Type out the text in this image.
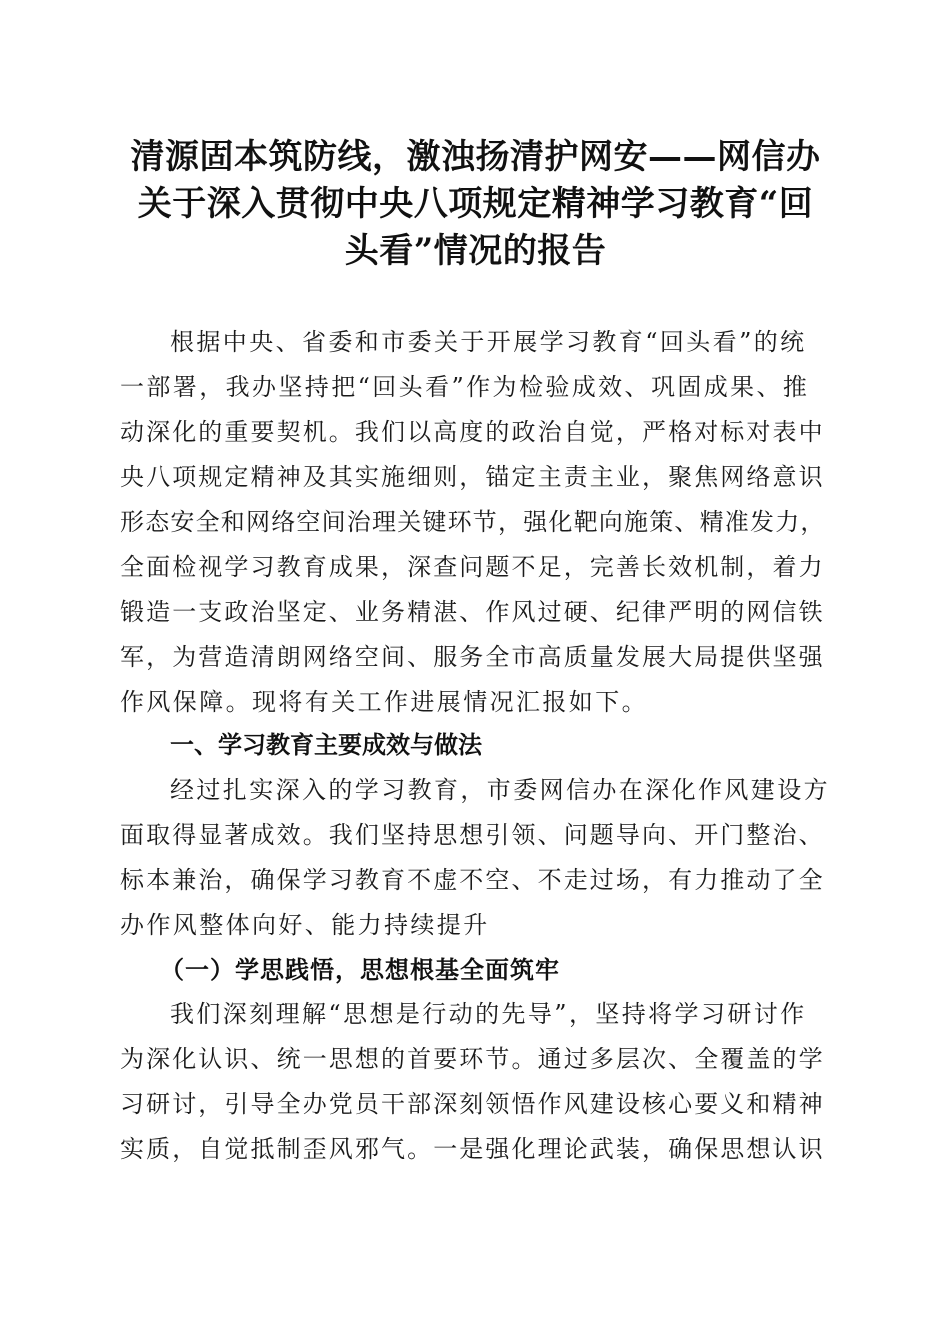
清源固本筑防线，激浊扬清护网安——网信办
关于深入贯彻中央八项规定精神学习教育“回
头看”情况的报告

根据中央、省委和市委关于开展学习教育“回头看”的统

一部署，我办坚持把“回头看”作为检验成效、巩固成果、推

动深化的重要契机。我们以高度的政治自觉，严格对标对表中

央八项规定精神及其实施细则，锚定主责主业，聚焦网络意识

形态安全和网络空间治理关键环节，强化靶向施策、精准发力，

全面检视学习教育成果，深查问题不足，完善长效机制，着力

锻造一支政治坚定、业务精湛、作风过硬、纪律严明的网信铁

军，为营造清朗网络空间、服务全市高质量发展大局提供坚强

作风保障。现将有关工作进展情况汇报如下。

一、学习教育主要成效与做法

经过扎实深入的学习教育，市委网信办在深化作风建设方

面取得显著成效。我们坚持思想引领、问题导向、开门整治、

标本兼治，确保学习教育不虚不空、不走过场，有力推动了全

办作风整体向好、能力持续提升

（一）学思践悟，思想根基全面筑牢

我们深刻理解“思想是行动的先导”，坚持将学习研讨作

为深化认识、统一思想的首要环节。通过多层次、全覆盖的学

习研讨，引导全办党员干部深刻领悟作风建设核心要义和精神

实质，自觉抵制歪风邪气。一是强化理论武装，确保思想认识
